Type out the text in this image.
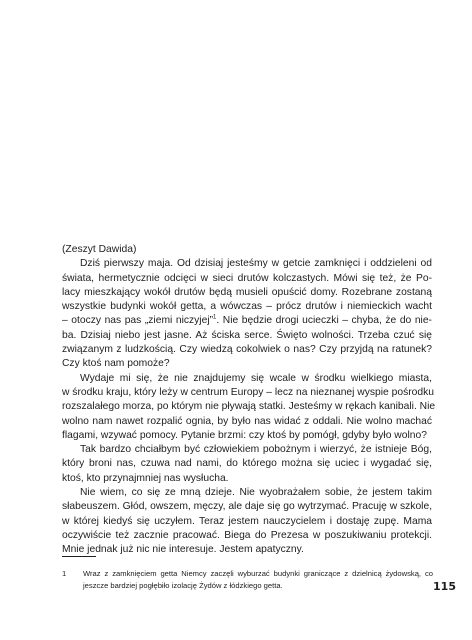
(Zeszyt Dawida)
Dziś pierwszy maja. Od dzisiaj jesteśmy w getcie zamknięci i oddzieleni od
świata, hermetycznie odcięci w sieci drutów kolczastych. Mówi się też, że Po-
lacy mieszkający wokół drutów będą musieli opuścić domy. Rozebrane zostaną
wszystkie budynki wokół getta, a wówczas – prócz drutów i niemieckich wacht
– otoczy nas pas „ziemi niczyjej”$^1$. Nie będzie drogi ucieczki – chyba, że do nie-
ba. Dzisiaj niebo jest jasne. Aż ściska serce. Święto wolności. Trzeba czuć się
związanym z ludzkością. Czy wiedzą cokolwiek o nas? Czy przyjdą na ratunek?
Czy ktoś nam pomoże?
Wydaje mi się, że nie znajdujemy się wcale w środku wielkiego miasta,
w środku kraju, który leży w centrum Europy – lecz na nieznanej wyspie pośrodku
rozszalałego morza, po którym nie pływają statki. Jesteśmy w rękach kanibali. Nie
wolno nam nawet rozpalić ognia, by było nas widać z oddali. Nie wolno machać
flagami, wzywać pomocy. Pytanie brzmi: czy ktoś by pomógł, gdyby było wolno?
Tak bardzo chciałbym być człowiekiem pobożnym i wierzyć, że istnieje Bóg,
który broni nas, czuwa nad nami, do którego można się uciec i wygadać się,
ktoś, kto przynajmniej nas wysłucha.
Nie wiem, co się ze mną dzieje. Nie wyobrażałem sobie, że jestem takim
słabeuszem. Głód, owszem, męczy, ale daje się go wytrzymać. Pracuję w szkole,
w której kiedyś się uczyłem. Teraz jestem nauczycielem i dostaję zupę. Mama
oczywiście też zacznie pracować. Biega do Prezesa w poszukiwaniu protekcji.
Mnie jednak już nic nie interesuje. Jestem apatyczny.
1 Wraz z zamknięciem getta Niemcy zaczęli wyburzać budynki graniczące z dzielnicą żydowską, co
jeszcze bardziej pogłębiło izolację Żydów z łódzkiego getta.	115
